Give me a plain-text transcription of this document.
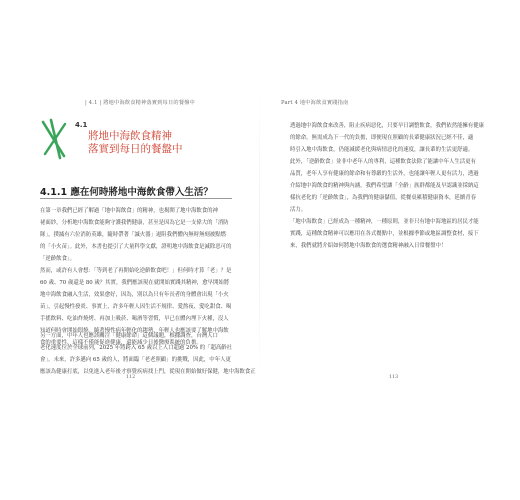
| 4.1 | 將地中海飲食精神落實到每日的餐盤中
4.1
將地中海飲食精神
落實到每日的餐盤中
4.1.1 應在何時將地中海飲食帶入生活？
在第一章我們已經了解過「地中海飲食」的精神，也揭開了地中海飲食的神
祕面紗，分析地中海飲食能夠守護我們健康，甚至是因為它是一支偉大的「消防
隊」，撲滅有六位消防英雄，隨時帶著「滅火器」遏阻我們體內無時無刻被點燃
的「小火苗」。此外，本書也提引了大量科學文獻，證明地中海飲食是減除惡可的
「逆齡飲食」。
然而，或許有人會想：「等到老了再開始吃逆齡飲食吧！」但何時才算「老」？是
60 歲、70 歲還是 80 歲？其實，我們應該現在就開始實踐其精神，愈早開始將
地中海飲食融入生活，效果愈好，因為，別以為只有年長者的身體會出現「小火
苗」，引起慢性發炎、事實上，許多年輕人因生活不規律、愛熬夜、愛吃甜食、喝
手搖飲料、吃油炸燒烤、再加上吸菸、喝酒等習慣，早已在體內埋下火種，沒人
知道何時會開始悶燒。隨著慢性病年輕化的趨勢，年輕人也應該要了解地中海飲
食的重要性，這樣不僅能促進健康，還能減少日後醫療系統的負擔。
另一方面，中年人也應該關注「健康餘命」這個議題，根據調查，台灣人口
老化速度位於全球前列，2025 年將跨入 65 歲以上人口超過 20% 的「超高齡社
會」。未來，許多邁向 65 歲的人，將面臨「老老照顧」的挑戰，因此，中年人更
應該為健康打底，以免進入老年後才察覺疾病找上門，從現在開始做好保健，地中海飲食正
112
Part 4 地中海飲食實踐指南
透過地中海飲食來改善，阻止疾病惡化，只要早日調整飲食，我們依然能擁有健康
的餘命，無需成為下一代的負擔，即便現在照顧的長輩健康狀況已經不佳，適
時引入地中海飲食，仍能減緩老化與病情惡化的速度，讓長輩的生活更舒適。
此外，「逆齡飲食」並非中老年人的專利，這種飲食法除了能讓中年人生活更有
品質，老年人享有健康的餘命和有尊嚴的生活外，也能讓年輕人更有活力，透過
介紹地中海飲食的精神與內涵，我們希望讓「全齡」族群都能及早認識並採納這
樣抗老化的「逆齡飲食」，為我們的健康儲值，從餐桌累積健康資本，延續青春
活力。
「地中海飲食」已經成為一種精神，一種原則，並非只有地中海地區的居民才能
實踐，這種飲食精神可以應用在各式餐點中，並根據季節或地區調整食材，接下
來，我們就將介紹如何將地中海飲食的選食精神融入日常餐盤中！
113
